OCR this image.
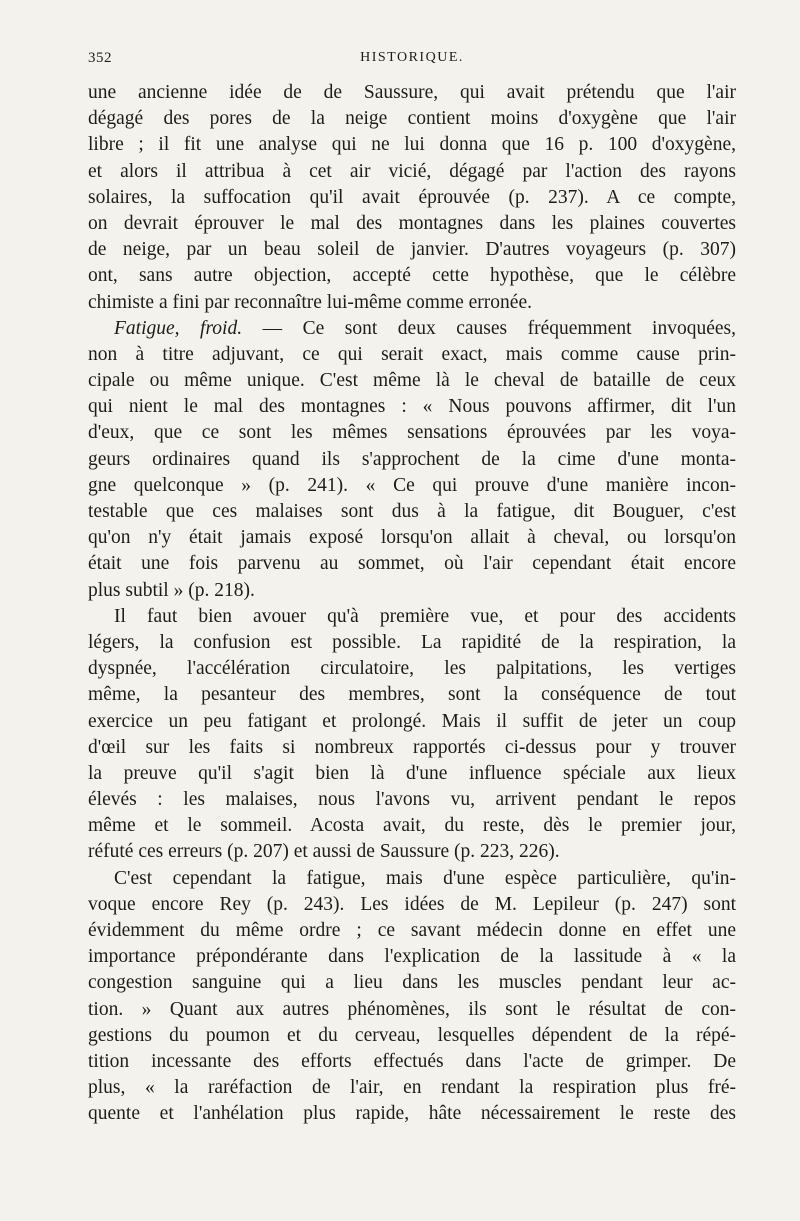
352	HISTORIQUE.
une ancienne idée de de Saussure, qui avait prétendu que l'air
dégagé des pores de la neige contient moins d'oxygène que l'air
libre ; il fit une analyse qui ne lui donna que 16 p. 100 d'oxygène,
et alors il attribua à cet air vicié, dégagé par l'action des rayons
solaires, la suffocation qu'il avait éprouvée (p. 237). A ce compte,
on devrait éprouver le mal des montagnes dans les plaines couvertes
de neige, par un beau soleil de janvier. D'autres voyageurs (p. 307)
ont, sans autre objection, accepté cette hypothèse, que le célèbre
chimiste a fini par reconnaître lui-même comme erronée.
Fatigue, froid. — Ce sont deux causes fréquemment invoquées,
non à titre adjuvant, ce qui serait exact, mais comme cause prin-
cipale ou même unique. C'est même là le cheval de bataille de ceux
qui nient le mal des montagnes : « Nous pouvons affirmer, dit l'un
d'eux, que ce sont les mêmes sensations éprouvées par les voya-
geurs ordinaires quand ils s'approchent de la cime d'une monta-
gne quelconque » (p. 241). « Ce qui prouve d'une manière incon-
testable que ces malaises sont dus à la fatigue, dit Bouguer, c'est
qu'on n'y était jamais exposé lorsqu'on allait à cheval, ou lorsqu'on
était une fois parvenu au sommet, où l'air cependant était encore
plus subtil » (p. 218).
Il faut bien avouer qu'à première vue, et pour des accidents
légers, la confusion est possible. La rapidité de la respiration, la
dyspnée, l'accélération circulatoire, les palpitations, les vertiges
même, la pesanteur des membres, sont la conséquence de tout
exercice un peu fatigant et prolongé. Mais il suffit de jeter un coup
d'œil sur les faits si nombreux rapportés ci-dessus pour y trouver
la preuve qu'il s'agit bien là d'une influence spéciale aux lieux
élevés : les malaises, nous l'avons vu, arrivent pendant le repos
même et le sommeil. Acosta avait, du reste, dès le premier jour,
réfuté ces erreurs (p. 207) et aussi de Saussure (p. 223, 226).
C'est cependant la fatigue, mais d'une espèce particulière, qu'in-
voque encore Rey (p. 243). Les idées de M. Lepileur (p. 247) sont
évidemment du même ordre ; ce savant médecin donne en effet une
importance prépondérante dans l'explication de la lassitude à « la
congestion sanguine qui a lieu dans les muscles pendant leur ac-
tion. » Quant aux autres phénomènes, ils sont le résultat de con-
gestions du poumon et du cerveau, lesquelles dépendent de la répé-
tition incessante des efforts effectués dans l'acte de grimper. De
plus, « la raréfaction de l'air, en rendant la respiration plus fré-
quente et l'anhélation plus rapide, hâte nécessairement le reste des
